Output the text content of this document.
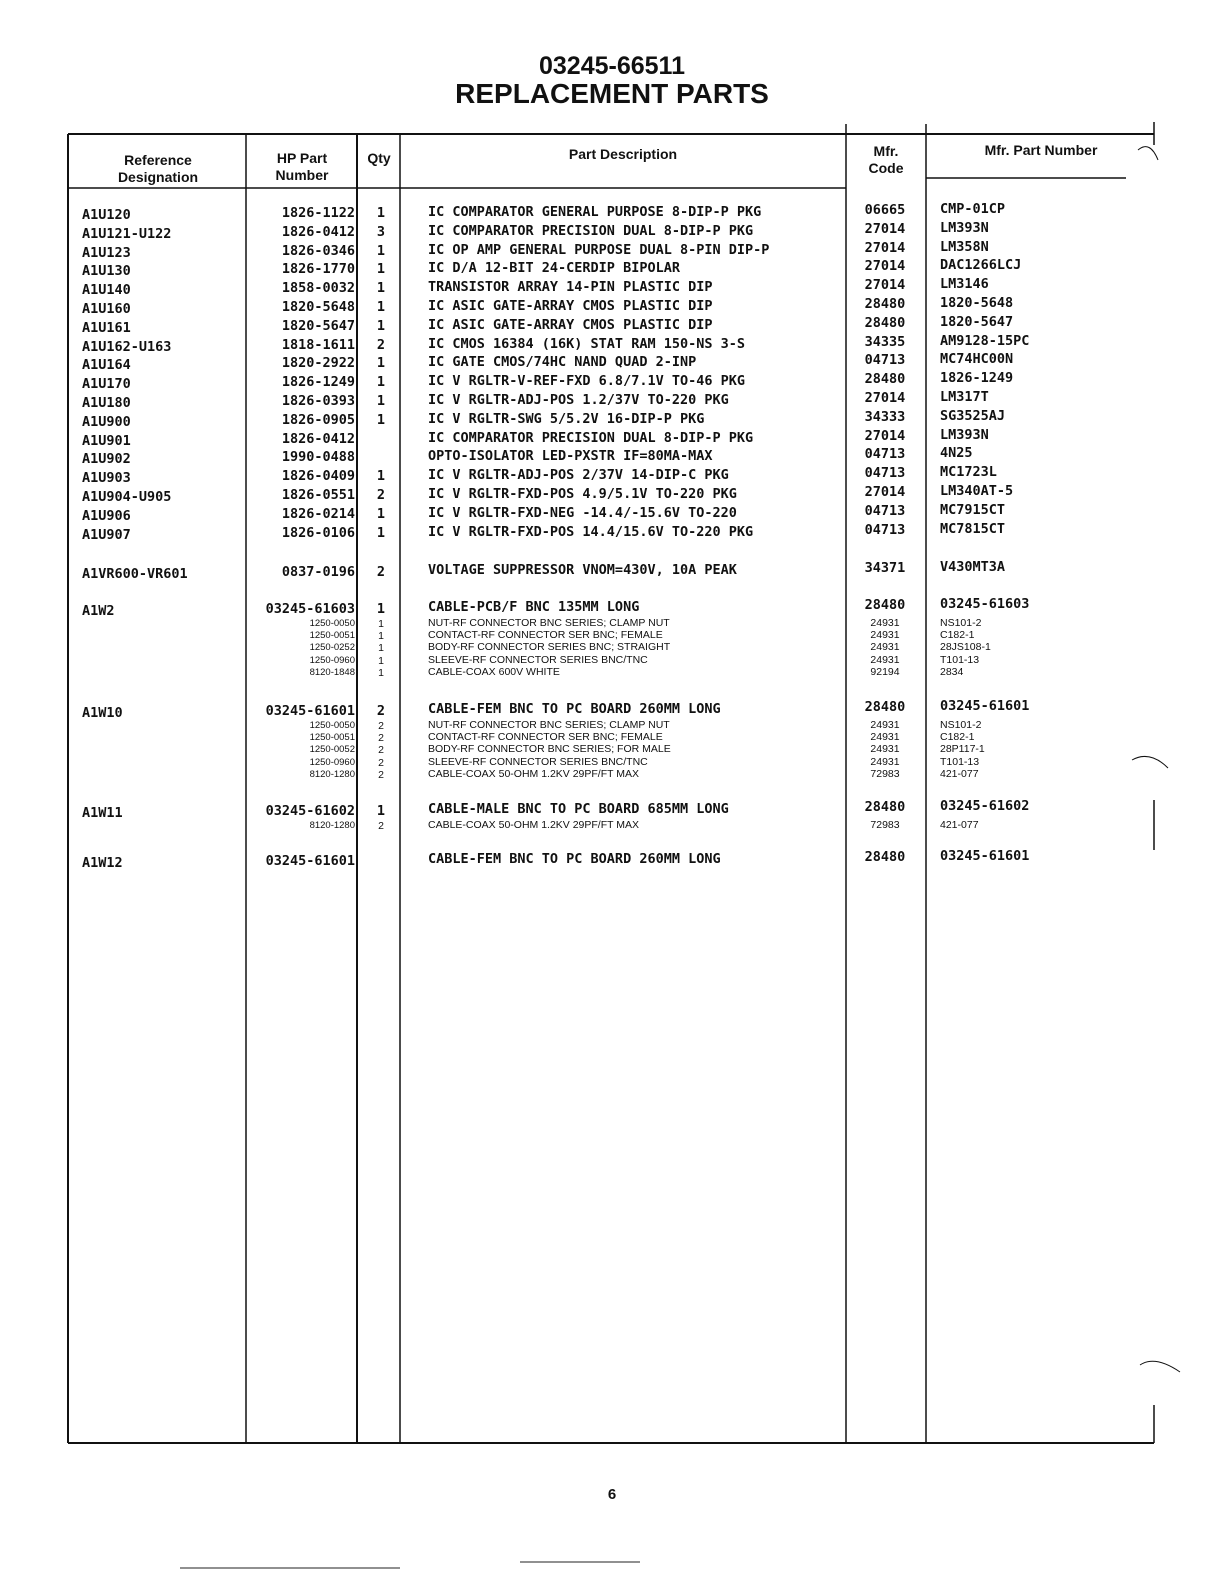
03245-66511
REPLACEMENT PARTS
Reference
Designation
HP Part
Number
Qty	Part Description	Mfr.
Code
Mfr. Part Number
A1U120	1826-1122 1	IC COMPARATOR GENERAL PURPOSE 8-DIP-P PKG	06665	CMP-01CP
A1U121-U122	1826-0412 3	IC COMPARATOR PRECISION DUAL 8-DIP-P PKG	27014	LM393N
A1U123	1826-0346 1	IC OP AMP GENERAL PURPOSE DUAL 8-PIN DIP-P	27014	LM358N
A1U130	1826-1770 1	IC D/A 12-BIT 24-CERDIP BIPOLAR	27014	DAC1266LCJ
A1U140	1858-0032 1	TRANSISTOR ARRAY 14-PIN PLASTIC DIP	27014	LM3146
A1U160	1820-5648 1	IC ASIC GATE-ARRAY CMOS PLASTIC DIP	28480	1820-5648
A1U161	1820-5647 1	IC ASIC GATE-ARRAY CMOS PLASTIC DIP	28480	1820-5647
A1U162-U163	1818-1611 2	IC CMOS 16384 (16K) STAT RAM 150-NS 3-S	34335	AM9128-15PC
A1U164	1820-2922 1	IC GATE CMOS/74HC NAND QUAD 2-INP	04713	MC74HC00N
A1U170	1826-1249 1	IC V RGLTR-V-REF-FXD 6.8/7.1V TO-46 PKG	28480	1826-1249
A1U180	1826-0393 1	IC V RGLTR-ADJ-POS 1.2/37V TO-220 PKG	27014	LM317T
A1U900	1826-0905 1	IC V RGLTR-SWG 5/5.2V 16-DIP-P PKG	34333	SG3525AJ
A1U901	1826-0412	IC COMPARATOR PRECISION DUAL 8-DIP-P PKG	27014	LM393N
A1U902	1990-0488	OPTO-ISOLATOR LED-PXSTR IF=80MA-MAX	04713	4N25
A1U903	1826-0409 1	IC V RGLTR-ADJ-POS 2/37V 14-DIP-C PKG	04713	MC1723L
A1U904-U905	1826-0551 2	IC V RGLTR-FXD-POS 4.9/5.1V TO-220 PKG	27014	LM340AT-5
A1U906	1826-0214 1	IC V RGLTR-FXD-NEG -14.4/-15.6V TO-220	04713	MC7915CT
A1U907	1826-0106 1	IC V RGLTR-FXD-POS 14.4/15.6V TO-220 PKG	04713	MC7815CT
A1VR600-VR601	0837-0196 2	VOLTAGE SUPPRESSOR VNOM=430V, 10A PEAK	34371	V430MT3A
A1W2	03245-61603 1	CABLE-PCB/F BNC 135MM LONG	28480	03245-61603
1250-0050	1	NUT-RF CONNECTOR BNC SERIES; CLAMP NUT	24931	NS101-2
1250-0051	1	CONTACT-RF CONNECTOR SER BNC; FEMALE	24931	C182-1
1250-0252	1	BODY-RF CONNECTOR SERIES BNC; STRAIGHT	24931	28JS108-1
1250-0960	1	SLEEVE-RF CONNECTOR SERIES BNC/TNC	24931	T101-13
8120-1848	1	CABLE-COAX 600V WHITE	92194	2834
A1W10	03245-61601 2	CABLE-FEM BNC TO PC BOARD 260MM LONG	28480	03245-61601
1250-0050	2	NUT-RF CONNECTOR BNC SERIES; CLAMP NUT	24931	NS101-2
1250-0051	2	CONTACT-RF CONNECTOR SER BNC; FEMALE	24931	C182-1
1250-0052	2	BODY-RF CONNECTOR BNC SERIES; FOR MALE	24931	28P117-1
1250-0960	2	SLEEVE-RF CONNECTOR SERIES BNC/TNC	24931	T101-13
8120-1280	2	CABLE-COAX 50-OHM 1.2KV 29PF/FT MAX	72983	421-077
A1W11	03245-61602 1	CABLE-MALE BNC TO PC BOARD 685MM LONG	28480	03245-61602
8120-1280	2	CABLE-COAX 50-OHM 1.2KV 29PF/FT MAX	72983	421-077
A1W12	03245-61601	CABLE-FEM BNC TO PC BOARD 260MM LONG	28480	03245-61601
6
